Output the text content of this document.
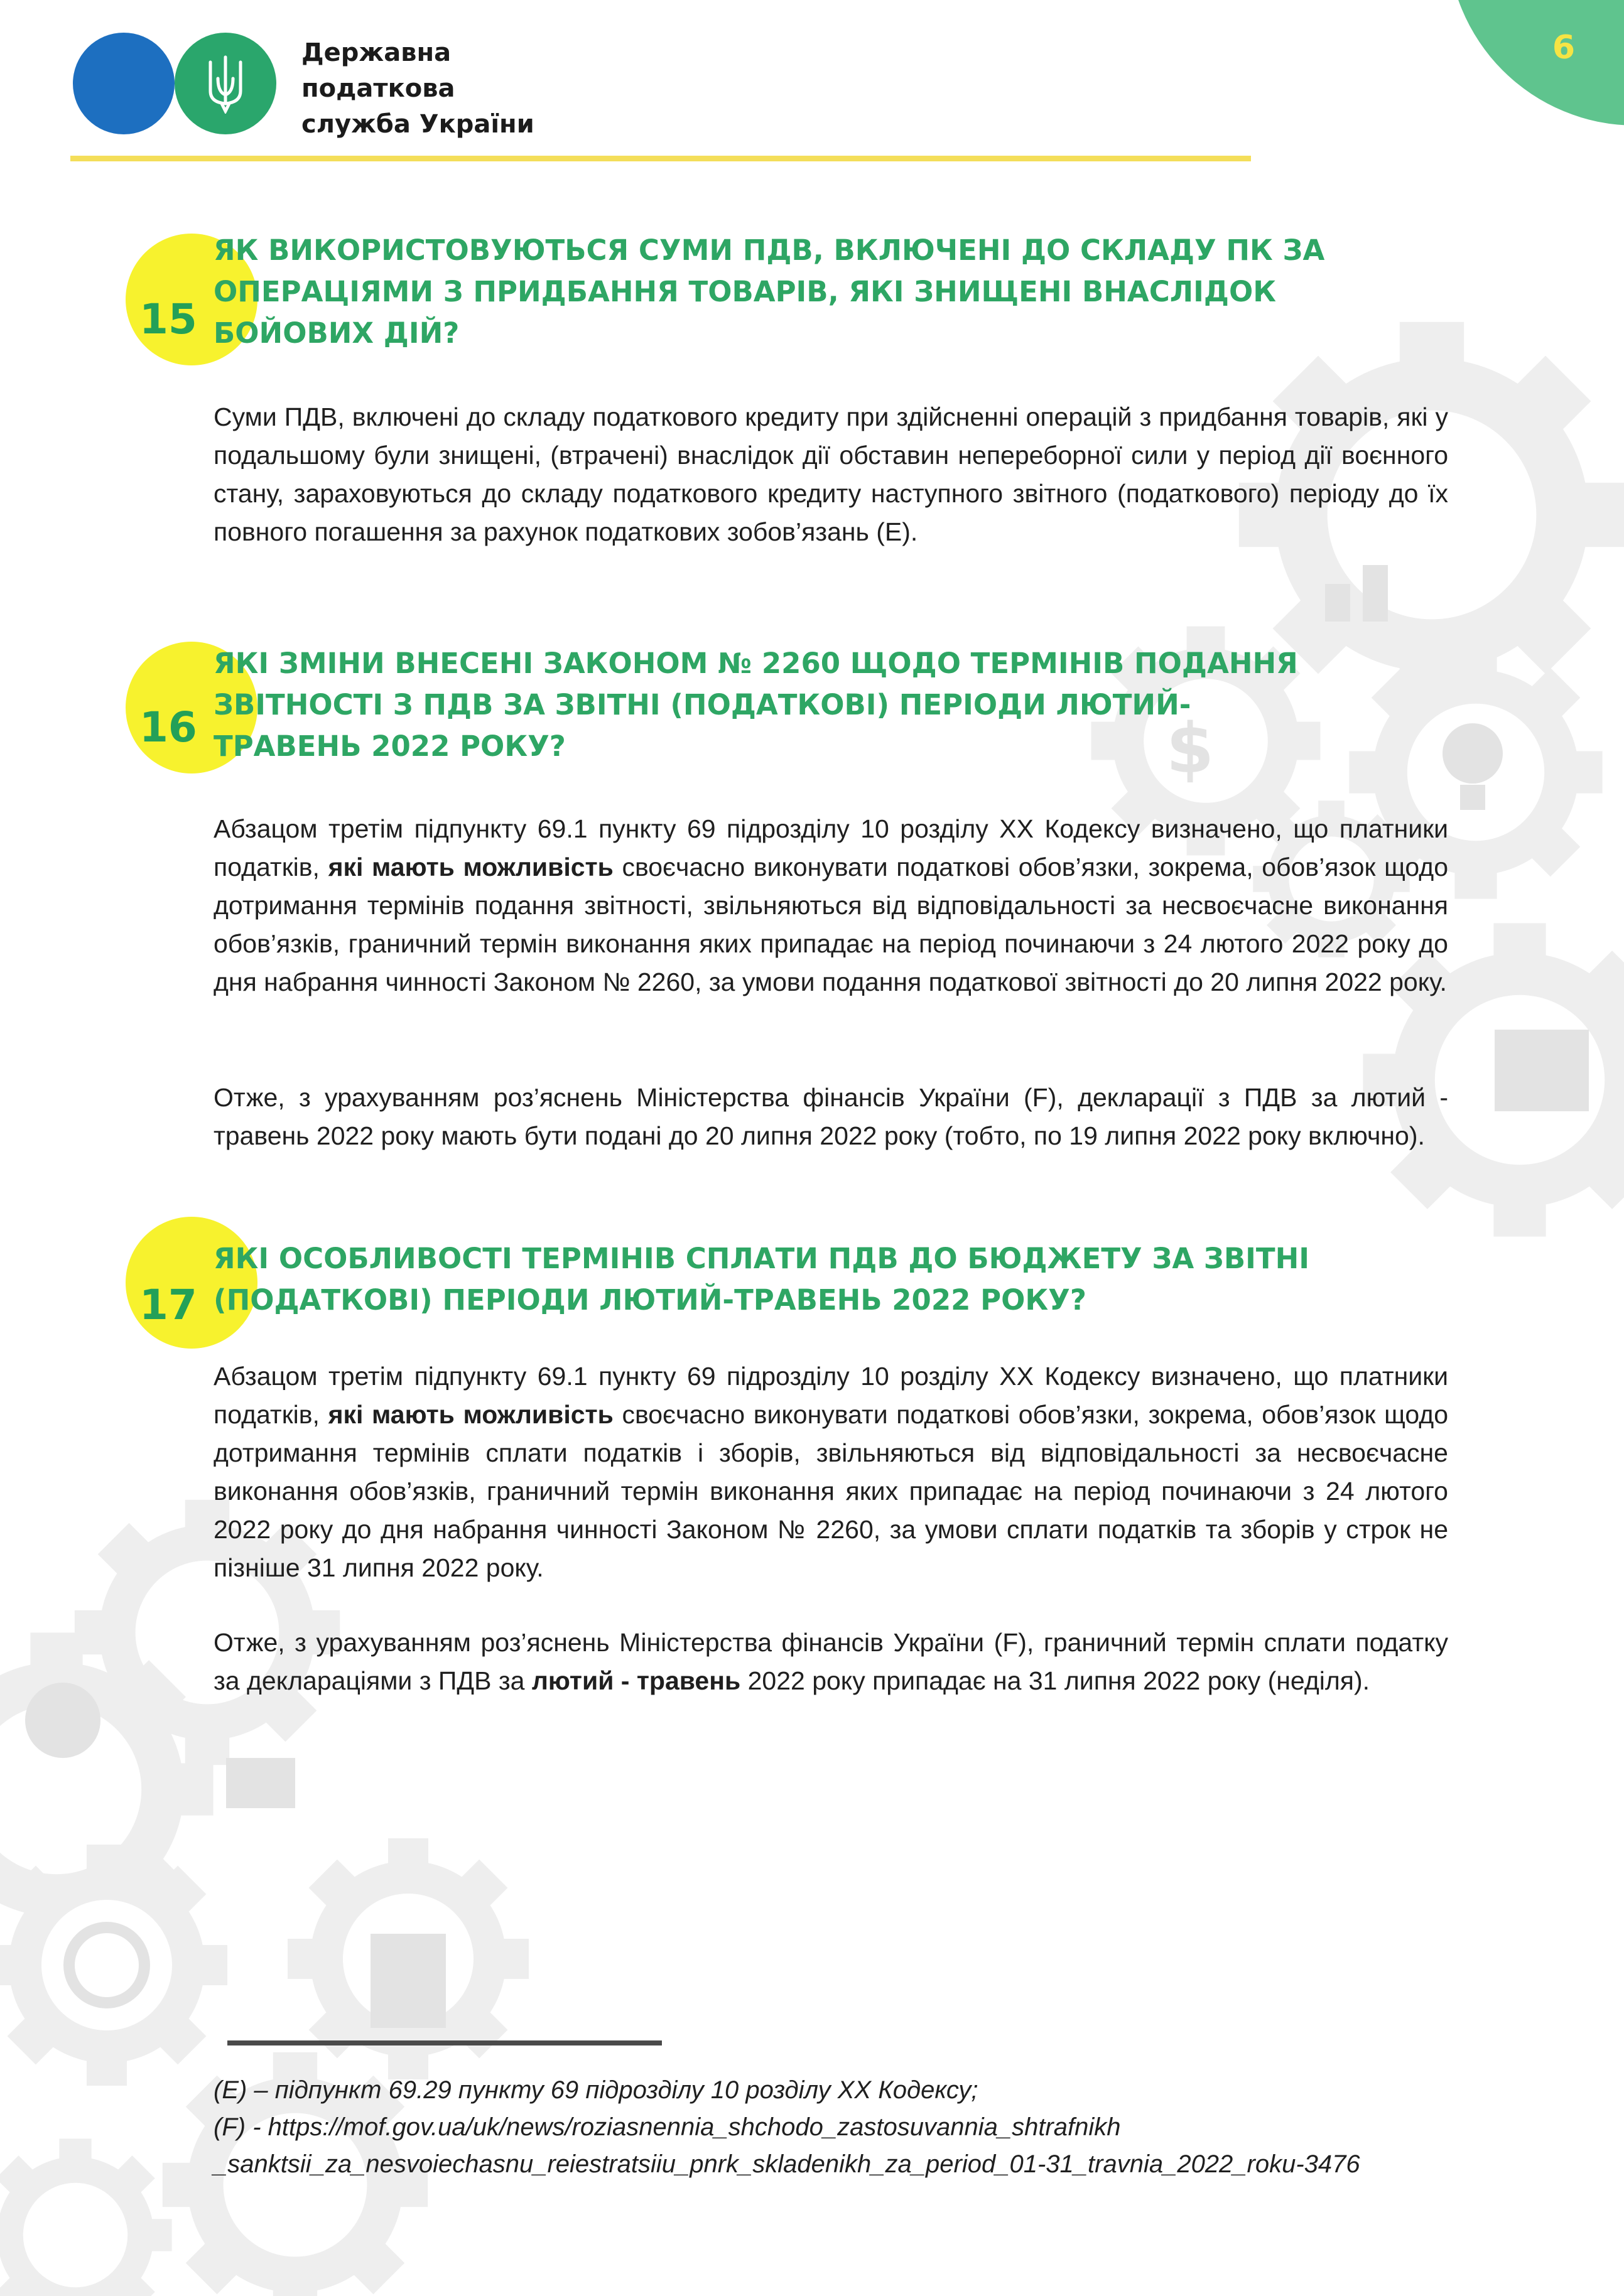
$
Державна
податкова
служба України
6
15
ЯК ВИКОРИСТОВУЮТЬСЯ СУМИ ПДВ, ВКЛЮЧЕНІ ДО СКЛАДУ ПК ЗА
ОПЕРАЦІЯМИ З ПРИДБАННЯ ТОВАРІВ, ЯКІ ЗНИЩЕНІ ВНАСЛІДОК
БОЙОВИХ ДІЙ?
Суми ПДВ, включені до складу податкового кредиту при здійсненні операцій з придбання товарів, які у подальшому були знищені, (втрачені) внаслідок дії обставин непереборної сили у період дії воєнного стану, зараховуються до складу податкового кредиту наступного звітного (податкового) періоду до їх повного погашення за рахунок податкових зобов’язань (Е).
16
ЯКІ ЗМІНИ ВНЕСЕНІ ЗАКОНОМ № 2260 ЩОДО ТЕРМІНІВ ПОДАННЯ
ЗВІТНОСТІ З ПДВ ЗА ЗВІТНІ (ПОДАТКОВІ) ПЕРІОДИ ЛЮТИЙ-
ТРАВЕНЬ 2022 РОКУ?
Абзацом третім підпункту 69.1 пункту 69 підрозділу 10 розділу XX Кодексу визначено, що платники податків, які мають можливість своєчасно виконувати податкові обов’язки, зокрема, обов’язок щодо дотримання термінів подання звітності, звільняються від відповідальності за несвоєчасне виконання обов’язків, граничний термін виконання яких припадає на період починаючи з 24 лютого 2022 року до дня набрання чинності Законом № 2260, за умови подання податкової звітності до 20 липня 2022 року.
Отже, з урахуванням роз’яснень Міністерства фінансів України (F), декларації з ПДВ за лютий - травень 2022 року мають бути подані до 20 липня 2022 року (тобто, по 19 липня 2022 року включно).
17
ЯКІ ОСОБЛИВОСТІ ТЕРМІНІВ СПЛАТИ ПДВ ДО БЮДЖЕТУ ЗА ЗВІТНІ
(ПОДАТКОВІ) ПЕРІОДИ ЛЮТИЙ-ТРАВЕНЬ 2022 РОКУ?
Абзацом третім підпункту 69.1 пункту 69 підрозділу 10 розділу XX Кодексу визначено, що платники податків, які мають можливість своєчасно виконувати податкові обов’язки, зокрема, обов’язок щодо дотримання термінів сплати податків і зборів, звільняються від відповідальності за несвоєчасне виконання обов’язків, граничний термін виконання яких припадає на період починаючи з 24 лютого 2022 року до дня набрання чинності Законом № 2260, за умови сплати податків та зборів у строк не пізніше 31 липня 2022 року.
Отже, з урахуванням роз’яснень Міністерства фінансів України (F), граничний термін сплати податку за деклараціями з ПДВ за лютий - травень 2022 року припадає на 31 липня 2022 року (неділя).
(Е) – підпункт 69.29 пункту 69 підрозділу 10 розділу XX Кодексу;
(F) - https://mof.gov.ua/uk/news/roziasnennia_shchodo_zastosuvannia_shtrafnikh
_sanktsii_za_nesvoiechasnu_reiestratsiiu_pnrk_skladenikh_za_period_01-31_travnia_2022_roku-3476
